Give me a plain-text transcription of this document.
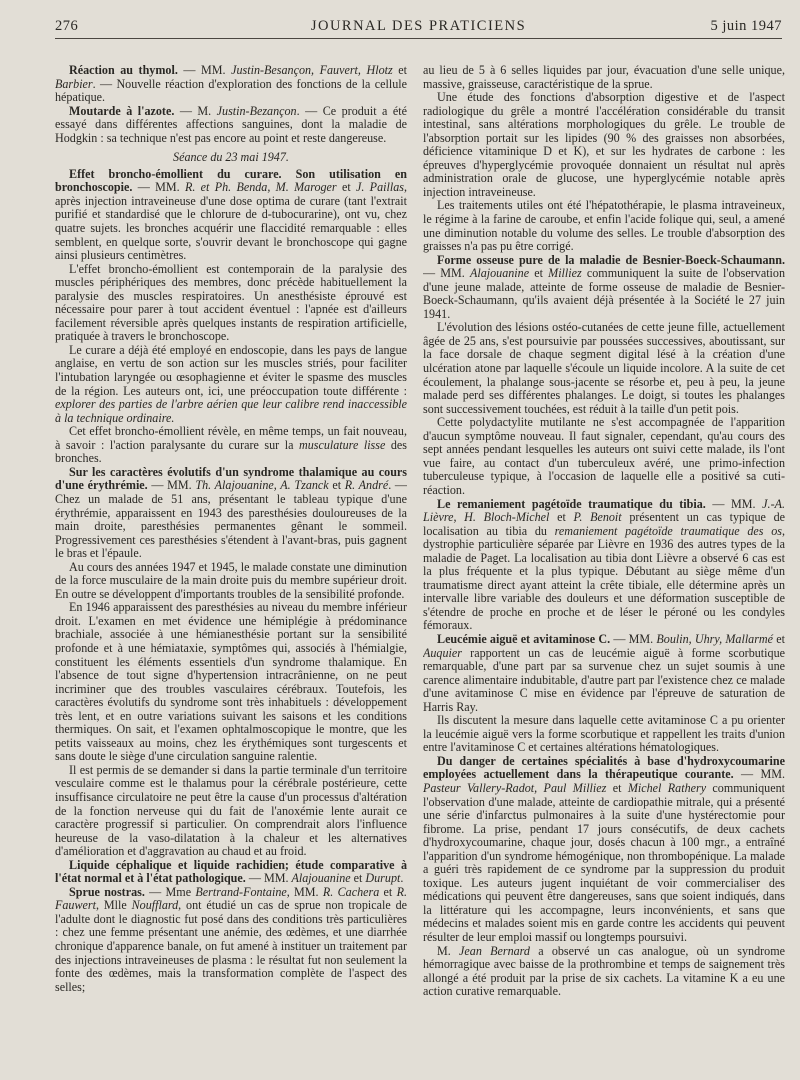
276	JOURNAL DES PRATICIENS	5 juin 1947

Réaction au thymol. — MM. Justin-Besançon, Fauvert, Hlotz et Barbier. — Nouvelle réaction d'exploration des fonctions de la cellule hépatique.

Moutarde à l'azote. — M. Justin-Bezançon. — Ce produit a été essayé dans différentes affections sanguines, dont la maladie de Hodgkin : sa technique n'est pas encore au point et reste dangereuse.

Séance du 23 mai 1947.

Effet broncho-émollient du curare. Son utilisation en bronchoscopie. — MM. R. et Ph. Benda, M. Maroger et J. Paillas, après injection intraveineuse d'une dose optima de curare (tant l'extrait purifié et standardisé que le chlorure de d-tubocurarine), ont vu, chez quatre sujets. les bronches acquérir une flaccidité remarquable : elles semblent, en quelque sorte, s'ouvrir devant le bronchoscope qui gagne ainsi plusieurs centimètres.

L'effet broncho-émollient est contemporain de la paralysie des muscles périphériques des membres, donc précède habituellement la paralysie des muscles respiratoires. Un anesthésiste éprouvé est nécessaire pour parer à tout accident éventuel : l'apnée est d'ailleurs facilement réversible après quelques instants de respiration artificielle, pratiquée à travers le bronchoscope.

Le curare a déjà été employé en endoscopie, dans les pays de langue anglaise, en vertu de son action sur les muscles striés, pour faciliter l'intubation laryngée ou œsophagienne et éviter le spasme des muscles de la région. Les auteurs ont, ici, une préoccupation toute différente : explorer des parties de l'arbre aérien que leur calibre rend inaccessible à la technique ordinaire.

Cet effet broncho-émollient révèle, en même temps, un fait nouveau, à savoir : l'action paralysante du curare sur la musculature lisse des bronches.

Sur les caractères évolutifs d'un syndrome thalamique au cours d'une érythrémie. — MM. Th. Alajouanine, A. Tzanck et R. André. — Chez un malade de 51 ans, présentant le tableau typique d'une érythrémie, apparaissent en 1943 des paresthésies douloureuses de la main droite, paresthésies permanentes gênant le sommeil. Progressivement ces paresthésies s'étendent à l'avant-bras, puis gagnent le bras et l'épaule.

Au cours des années 1947 et 1945, le malade constate une diminution de la force musculaire de la main droite puis du membre supérieur droit. En outre se développent d'importants troubles de la sensibilité profonde.

En 1946 apparaissent des paresthésies au niveau du membre inférieur droit. L'examen en met évidence une hémiplégie à prédominance brachiale, associée à une hémianesthésie portant sur la sensibilité profonde et à une hémiataxie, symptômes qui, associés à l'hémialgie, constituent les éléments essentiels d'un syndrome thalamique. En l'absence de tout signe d'hypertension intracrânienne, on ne peut incriminer que des troubles vasculaires cérébraux. Toutefois, les caractères évolutifs du syndrome sont très inhabituels : développement très lent, et en outre variations suivant les saisons et les conditions thermiques. On sait, et l'examen ophtalmoscopique le montre, que les petits vaisseaux au moins, chez les érythémiques sont turgescents et sans doute le siège d'une circulation sanguine ralentie.

Il est permis de se demander si dans la partie terminale d'un territoire vesculaire comme est le thalamus pour la cérébrale postérieure, cette insuffisance circulatoire ne peut être la cause d'un processus d'altération de la fonction nerveuse qui du fait de l'anoxémie lente aurait ce caractère progressif si particulier. On comprendrait alors l'influence heureuse de la vaso-dilatation à la chaleur et les alternatives d'amélioration et d'aggravation au chaud et au froid.

Liquide céphalique et liquide rachidien; étude comparative à l'état normal et à l'état pathologique. — MM. Alajouanine et Durupt.

Sprue nostras. — Mme Bertrand-Fontaine, MM. R. Cachera et R. Fauwert, Mlle Noufflard, ont étudié un cas de sprue non tropicale de l'adulte dont le diagnostic fut posé dans des conditions très particulières : chez une femme présentant une anémie, des œdèmes, et une diarrhée chronique d'apparence banale, on fut amené à instituer un traitement par des injections intraveineuses de plasma : le résultat fut non seulement la fonte des œdèmes, mais la transformation complète de l'aspect des selles;

au lieu de 5 à 6 selles liquides par jour, évacuation d'une selle unique, massive, graisseuse, caractéristique de la sprue.

Une étude des fonctions d'absorption digestive et de l'aspect radiologique du grêle a montré l'accélération considérable du transit intestinal, sans altérations morphologiques du grêle. Le trouble de l'absorption portait sur les lipides (90 % des graisses non absorbées, déficience vitaminique D et K), et sur les hydrates de carbone : les épreuves d'hyperglycémie provoquée donnaient un résultat nul après administration orale de glucose, une hyperglycémie notable après injection intraveineuse.

Les traitements utiles ont été l'hépatothérapie, le plasma intraveineux, le régime à la farine de caroube, et enfin l'acide folique qui, seul, a amené une diminution notable du volume des selles. Le trouble d'absorption des graisses n'a pas pu être corrigé.

Forme osseuse pure de la maladie de Besnier-Boeck-Schaumann. — MM. Alajouanine et Milliez communiquent la suite de l'observation d'une jeune malade, atteinte de forme osseuse de maladie de Besnier-Boeck-Schaumann, qu'ils avaient déjà présentée à la Société le 27 juin 1941.

L'évolution des lésions ostéo-cutanées de cette jeune fille, actuellement âgée de 25 ans, s'est poursuivie par poussées successives, aboutissant, sur la face dorsale de chaque segment digital lésé à la création d'une ulcération atone par laquelle s'écoule un liquide incolore. A la suite de cet écoulement, la phalange sous-jacente se résorbe et, peu à peu, la jeune malade perd ses différentes phalanges. Le doigt, si toutes les phalanges sont successivement touchées, est réduit à la taille d'un petit pois.

Cette polydactylite mutilante ne s'est accompagnée de l'apparition d'aucun symptôme nouveau. Il faut signaler, cependant, qu'au cours des sept années pendant lesquelles les auteurs ont suivi cette malade, ils l'ont vue faire, au contact d'un tuberculeux avéré, une primo-infection tuberculeuse typique, à l'occasion de laquelle elle a positivé sa cuti-réaction.

Le remaniement pagétoïde traumatique du tibia. — MM. J.-A. Lièvre, H. Bloch-Michel et P. Benoit présentent un cas typique de localisation au tibia du remaniement pagétoïde traumatique des os, dystrophie particulière séparée par Lièvre en 1936 des autres types de la maladie de Paget. La localisation au tibia dont Lièvre a observé 6 cas est la plus fréquente et la plus typique. Débutant au siège même d'un traumatisme direct ayant atteint la crête tibiale, elle détermine après un intervalle libre variable des douleurs et une déformation susceptible de s'étendre de proche en proche et de léser le péroné ou les condyles fémoraux.

Leucémie aiguë et avitaminose C. — MM. Boulin, Uhry, Mallarmé et Auquier rapportent un cas de leucémie aiguë à forme scorbutique remarquable, d'une part par sa survenue chez un sujet soumis à une carence alimentaire indubitable, d'autre part par l'existence chez ce malade d'une avitaminose C mise en évidence par l'épreuve de saturation de Harris Ray.

Ils discutent la mesure dans laquelle cette avitaminose C a pu orienter la leucémie aiguë vers la forme scorbutique et rappellent les traits d'union entre l'avitaminose C et certaines altérations hématologiques.

Du danger de certaines spécialités à base d'hydroxycoumarine employées actuellement dans la thérapeutique courante. — MM. Pasteur Vallery-Radot, Paul Milliez et Michel Rathery communiquent l'observation d'une malade, atteinte de cardiopathie mitrale, qui a présenté une série d'infarctus pulmonaires à la suite d'une hystérectomie pour fibrome. La prise, pendant 17 jours consécutifs, de deux cachets d'hydroxycoumarine, chaque jour, dosés chacun à 100 mgr., a entraîné l'apparition d'un syndrome hémogénique, non thrombopénique. La malade a guéri très rapidement de ce syndrome par la suppression du produit toxique. Les auteurs jugent inquiétant de voir commercialiser des médications qui peuvent être dangereuses, sans que soient indiqués, dans la littérature qui les accompagne, leurs inconvénients, et sans que médecins et malades soient mis en garde contre les accidents qui peuvent résulter de leur emploi massif ou longtemps poursuivi.

M. Jean Bernard a observé un cas analogue, où un syndrome hémorragique avec baisse de la prothrombine et temps de saignement très allongé a été produit par la prise de six cachets. La vitamine K a eu une action curative remarquable.
